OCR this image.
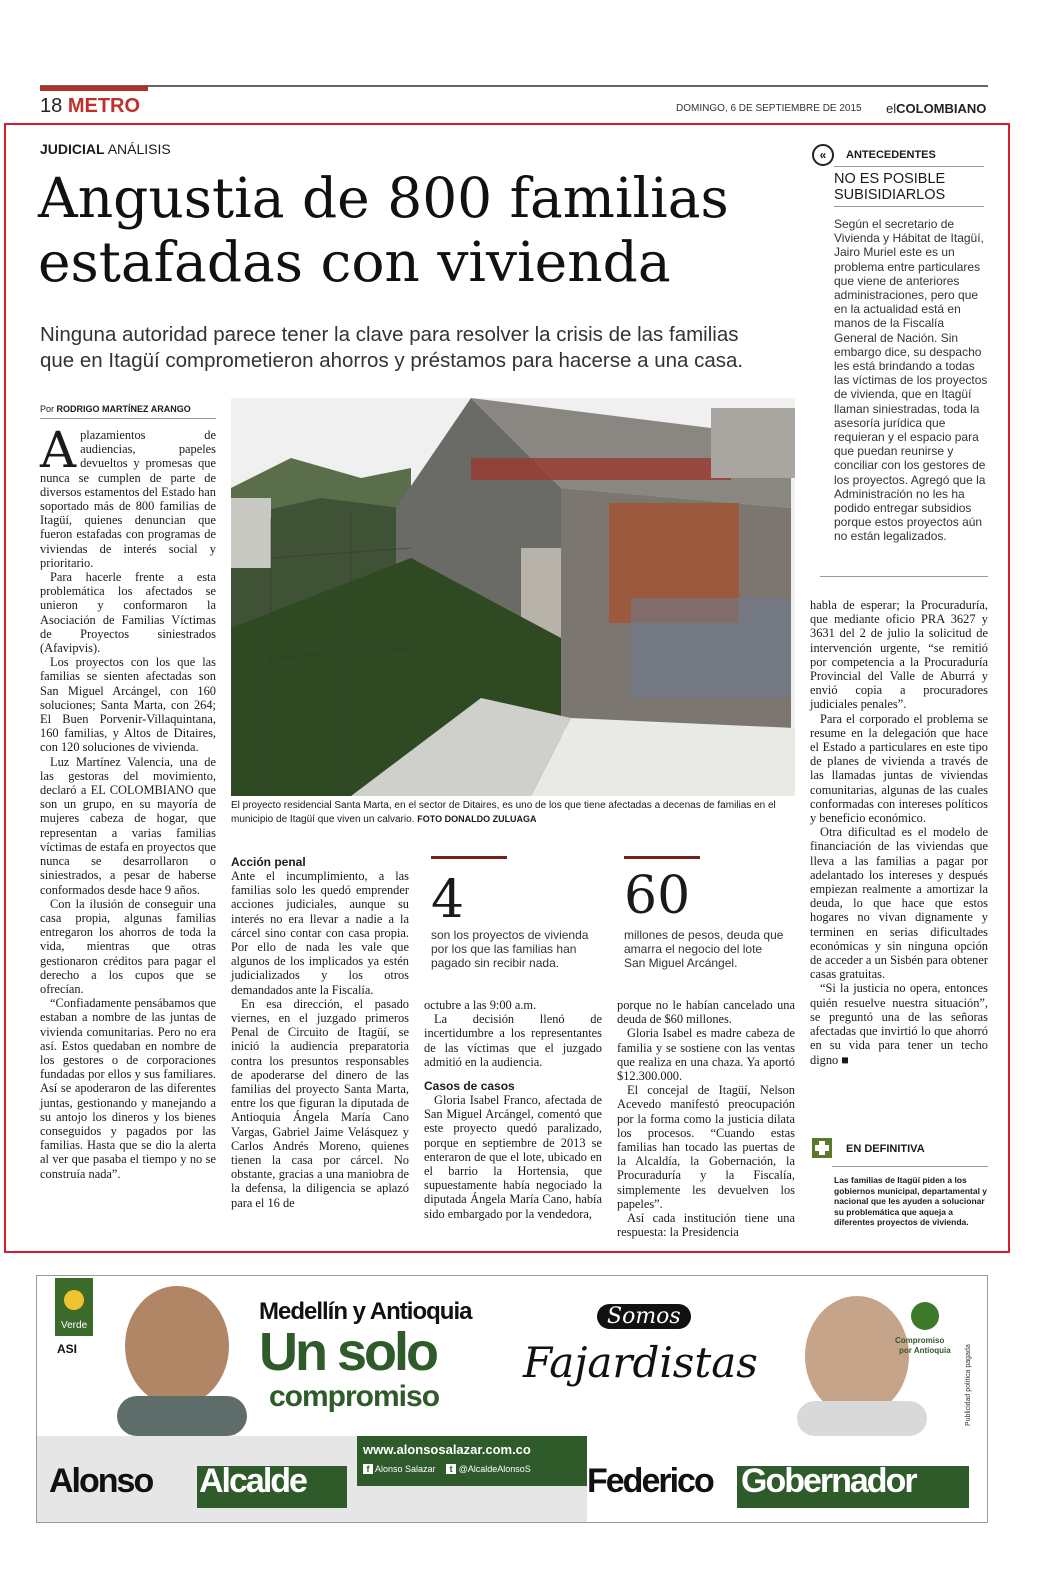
18 METRO	DOMINGO, 6 DE SEPTIEMBRE DE 2015 elCOLOMBIANO
JUDICIAL ANÁLISIS
Angustia de 800 familias
estafadas con vivienda
Ninguna autoridad parece tener la clave para resolver la crisis de las familias
que en Itagüí comprometieron ahorros y préstamos para hacerse a una casa.
Por RODRIGO MARTÍNEZ ARANGO

Aplazamientos de audiencias, papeles devueltos y promesas que nunca se cumplen de parte de diversos estamentos del Estado han soportado más de 800 familias de Itagüí, quienes denuncian que fueron estafadas con programas de viviendas de interés social y prioritario.

Para hacerle frente a esta problemática los afectados se unieron y conformaron la Asociación de Familias Víctimas de Proyectos siniestrados (Afavipvis).

Los proyectos con los que las familias se sienten afectadas son San Miguel Arcángel, con 160 soluciones; Santa Marta, con 264; El Buen Porvenir-Villaquintana, 160 familias, y Altos de Ditaires, con 120 soluciones de vivienda.

Luz Martínez Valencia, una de las gestoras del movimiento, declaró a EL COLOMBIANO que son un grupo, en su mayoría de mujeres cabeza de hogar, que representan a varias familias víctimas de estafa en proyectos que nunca se desarrollaron o siniestrados, a pesar de haberse conformados desde hace 9 años.

Con la ilusión de conseguir una casa propia, algunas familias entregaron los ahorros de toda la vida, mientras que otras gestionaron créditos para pagar el derecho a los cupos que se ofrecían.

“Confiadamente pensábamos que estaban a nombre de las juntas de vivienda comunitarias. Pero no era así. Estos quedaban en nombre de los gestores o de corporaciones fundadas por ellos y sus familiares. Así se apoderaron de las diferentes juntas, gestionando y manejando a su antojo los dineros y los bienes conseguidos y pagados por las familias. Hasta que se dio la alerta al ver que pasaba el tiempo y no se construía nada”.

El proyecto residencial Santa Marta, en el sector de Ditaires, es uno de los que tiene afectadas a decenas de familias en el municipio de Itagüí que viven un calvario. FOTO DONALDO ZULUAGA
Acción penal

Ante el incumplimiento, a las familias solo les quedó emprender acciones judiciales, aunque su interés no era llevar a nadie a la cárcel sino contar con casa propia. Por ello de nada les vale que algunos de los implicados ya estén judicializados y los otros demandados ante la Fiscalía.

En esa dirección, el pasado viernes, en el juzgado primeros Penal de Circuito de Itagüí, se inició la audiencia preparatoria contra los presuntos responsables de apoderarse del dinero de las familias del proyecto Santa Marta, entre los que figuran la diputada de Antioquia Ángela María Cano Vargas, Gabriel Jaime Velásquez y Carlos Andrés Moreno, quienes tienen la casa por cárcel. No obstante, gracias a una maniobra de la defensa, la diligencia se aplazó para el 16 de

4
son los proyectos de vivienda por los que las familias han pagado sin recibir nada.
60
millones de pesos, deuda que amarra el negocio del lote San Miguel Arcángel.

octubre a las 9:00 a.m.

La decisión llenó de incertidumbre a los representantes de las víctimas que el juzgado admitió en la audiencia.

Casos de casos

Gloria Isabel Franco, afectada de San Miguel Arcángel, comentó que este proyecto quedó paralizado, porque en septiembre de 2013 se enteraron de que el lote, ubicado en el barrio la Hortensia, que supuestamente había negociado la diputada Ángela María Cano, había sido embargado por la vendedora,

porque no le habían cancelado una deuda de $60 millones.

Gloria Isabel es madre cabeza de familia y se sostiene con las ventas que realiza en una chaza. Ya aportó $12.300.000.

El concejal de Itagüí, Nelson Acevedo manifestó preocupación por la forma como la justicia dilata los procesos. “Cuando estas familias han tocado las puertas de la Alcaldía, la Gobernación, la Procuraduría y la Fiscalía, simplemente les devuelven los papeles”.

Así cada institución tiene una respuesta: la Presidencia

habla de esperar; la Procuraduría, que mediante oficio PRA 3627 y 3631 del 2 de julio la solicitud de intervención urgente, “se remitió por competencia a la Procuraduría Provincial del Valle de Aburrá y envió copia a procuradores judiciales penales”.

Para el corporado el problema se resume en la delegación que hace el Estado a particulares en este tipo de planes de vivienda a través de las llamadas juntas de viviendas comunitarias, algunas de las cuales conformadas con intereses políticos y beneficio económico.

Otra dificultad es el modelo de financiación de las viviendas que lleva a las familias a pagar por adelantado los intereses y después empiezan realmente a amortizar la deuda, lo que hace que estos hogares no vivan dignamente y terminen en serias dificultades económicas y sin ninguna opción de acceder a un Sisbén para obtener casas gratuitas.

“Si la justicia no opera, entonces quién resuelve nuestra situación”, se preguntó una de las señoras afectadas que invirtió lo que ahorró en su vida para tener un techo digno ■

«	ANTECEDENTES
NO ES POSIBLE
SUBISIDIARLOS
Según el secretario de Vivienda y Hábitat de Itagüí, Jairo Muriel este es un problema entre particulares que viene de anteriores administraciones, pero que en la actualidad está en manos de la Fiscalía General de Nación. Sin embargo dice, su despacho les está brindando a todas las víctimas de los proyectos de vivienda, que en Itagüí llaman siniestradas, toda la asesoría jurídica que requieran y el espacio para que puedan reunirse y conciliar con los gestores de los proyectos. Agregó que la Administración no les ha podido entregar subsidios porque estos proyectos aún no están legalizados.
EN DEFINITIVA
Las familias de Itagüí piden a los gobiernos municipal, departamental y nacional que les ayuden a solucionar su problemática que aqueja a diferentes proyectos de vivienda.
Verde
ASI
Medellín y Antioquia
Un solo
compromiso
Somos
Fajardistas	Compromiso
por Antioquia Publicidad política pagada
www.alonsosalazar.com.co
f Alonso Salazar t @AlcaldeAlonsoS
Alonso Alcalde	Federico Gobernador
